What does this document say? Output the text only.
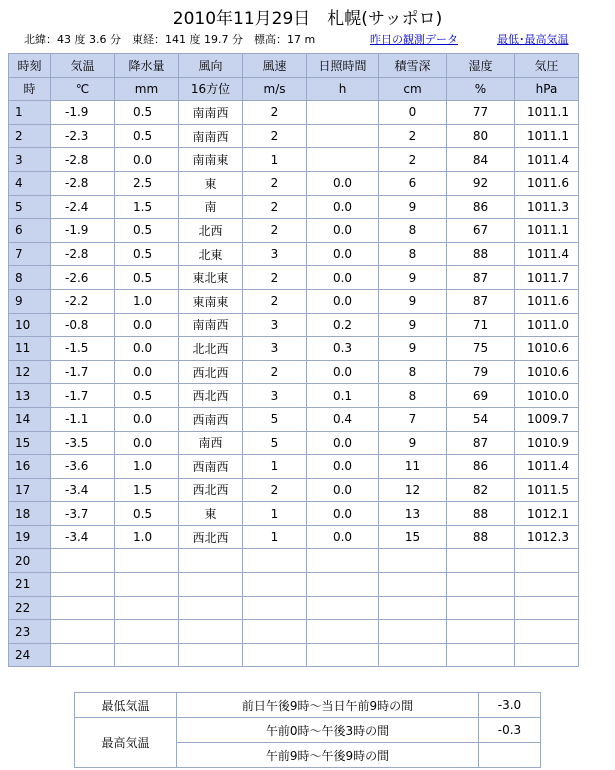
2010年11月29日　札幌(サッポロ)
北緯：43 度 3.6 分　東経：141 度 19.7 分　標高：17 m	昨日の観測データ	最低･最高気温
時刻	気温	降水量	風向	風速	日照時間	積雪深	湿度	気圧
時	℃	mm	16方位	m/s	h	cm	%	hPa
1	-1.9	0.5	南南西	2		0	77	1011.1
2	-2.3	0.5	南南西	2		2	80	1011.1
3	-2.8	0.0	南南東	1		2	84	1011.4
4	-2.8	2.5	東	2	0.0	6	92	1011.6
5	-2.4	1.5	南	2	0.0	9	86	1011.3
6	-1.9	0.5	北西	2	0.0	8	67	1011.1
7	-2.8	0.5	北東	3	0.0	8	88	1011.4
8	-2.6	0.5	東北東	2	0.0	9	87	1011.7
9	-2.2	1.0	東南東	2	0.0	9	87	1011.6
10	-0.8	0.0	南南西	3	0.2	9	71	1011.0
11	-1.5	0.0	北北西	3	0.3	9	75	1010.6
12	-1.7	0.0	西北西	2	0.0	8	79	1010.6
13	-1.7	0.5	西北西	3	0.1	8	69	1010.0
14	-1.1	0.0	西南西	5	0.4	7	54	1009.7
15	-3.5	0.0	南西	5	0.0	9	87	1010.9
16	-3.6	1.0	西南西	1	0.0	11	86	1011.4
17	-3.4	1.5	西北西	2	0.0	12	82	1011.5
18	-3.7	0.5	東	1	0.0	13	88	1012.1
19	-3.4	1.0	西北西	1	0.0	15	88	1012.3
20								
21								
22								
23								
24								
最低気温	前日午後9時～当日午前9時の間	-3.0
最高気温	午前0時～午後3時の間	-0.3
	午前9時～午後9時の間	
